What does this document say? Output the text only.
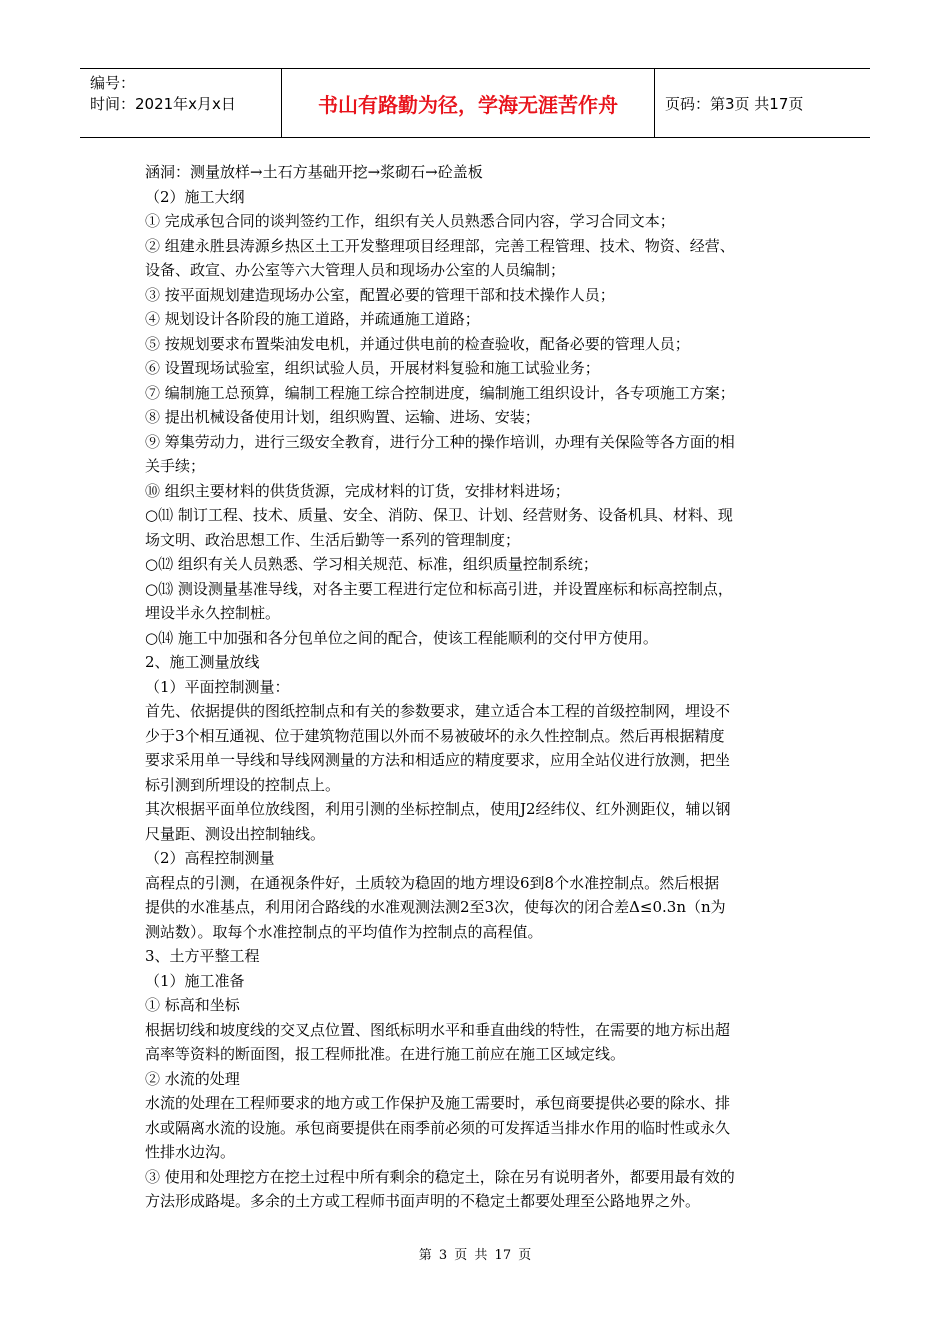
编号：
时间：2021年x月x日	书山有路勤为径，学海无涯苦作舟	页码：第3页 共17页

涵洞：测量放样→土石方基础开挖→浆砌石→砼盖板

（2）施工大纲

① 完成承包合同的谈判签约工作，组织有关人员熟悉合同内容，学习合同文本；

② 组建永胜县涛源乡热区土工开发整理项目经理部，完善工程管理、技术、物资、经营、

设备、政宣、办公室等六大管理人员和现场办公室的人员编制；

③ 按平面规划建造现场办公室，配置必要的管理干部和技术操作人员；

④ 规划设计各阶段的施工道路，并疏通施工道路；

⑤ 按规划要求布置柴油发电机，并通过供电前的检查验收，配备必要的管理人员；

⑥ 设置现场试验室，组织试验人员，开展材料复验和施工试验业务；

⑦ 编制施工总预算，编制工程施工综合控制进度，编制施工组织设计，各专项施工方案；

⑧ 提出机械设备使用计划，组织购置、运输、进场、安装；

⑨ 筹集劳动力，进行三级安全教育，进行分工种的操作培训，办理有关保险等各方面的相

关手续；

⑩ 组织主要材料的供货货源，完成材料的订货，安排材料进场；

○⑾ 制订工程、技术、质量、安全、消防、保卫、计划、经营财务、设备机具、材料、现

场文明、政治思想工作、生活后勤等一系列的管理制度；

○⑿ 组织有关人员熟悉、学习相关规范、标准，组织质量控制系统；

○⒀ 测设测量基准导线，对各主要工程进行定位和标高引进，并设置座标和标高控制点，

埋设半永久控制桩。

○⒁ 施工中加强和各分包单位之间的配合，使该工程能顺利的交付甲方使用。

2、施工测量放线

（1）平面控制测量：

首先、依据提供的图纸控制点和有关的参数要求，建立适合本工程的首级控制网，埋设不

少于3个相互通视、位于建筑物范围以外而不易被破坏的永久性控制点。然后再根据精度

要求采用单一导线和导线网测量的方法和相适应的精度要求，应用全站仪进行放测，把坐

标引测到所埋设的控制点上。

其次根据平面单位放线图，利用引测的坐标控制点，使用J2经纬仪、红外测距仪，辅以钢

尺量距、测设出控制轴线。

（2）高程控制测量

高程点的引测，在通视条件好，土质较为稳固的地方埋设6到8个水准控制点。然后根据

提供的水准基点，利用闭合路线的水准观测法测2至3次，使每次的闭合差Δ≤0.3n（n为

测站数）。取每个水准控制点的平均值作为控制点的高程值。

3、土方平整工程

（1）施工准备

① 标高和坐标

根据切线和坡度线的交叉点位置、图纸标明水平和垂直曲线的特性，在需要的地方标出超

高率等资料的断面图，报工程师批准。在进行施工前应在施工区域定线。

② 水流的处理

水流的处理在工程师要求的地方或工作保护及施工需要时，承包商要提供必要的除水、排

水或隔离水流的设施。承包商要提供在雨季前必须的可发挥适当排水作用的临时性或永久

性排水边沟。

③ 使用和处理挖方在挖土过程中所有剩余的稳定土，除在另有说明者外，都要用最有效的

方法形成路堤。多余的土方或工程师书面声明的不稳定土都要处理至公路地界之外。

第 3 页 共 17 页
